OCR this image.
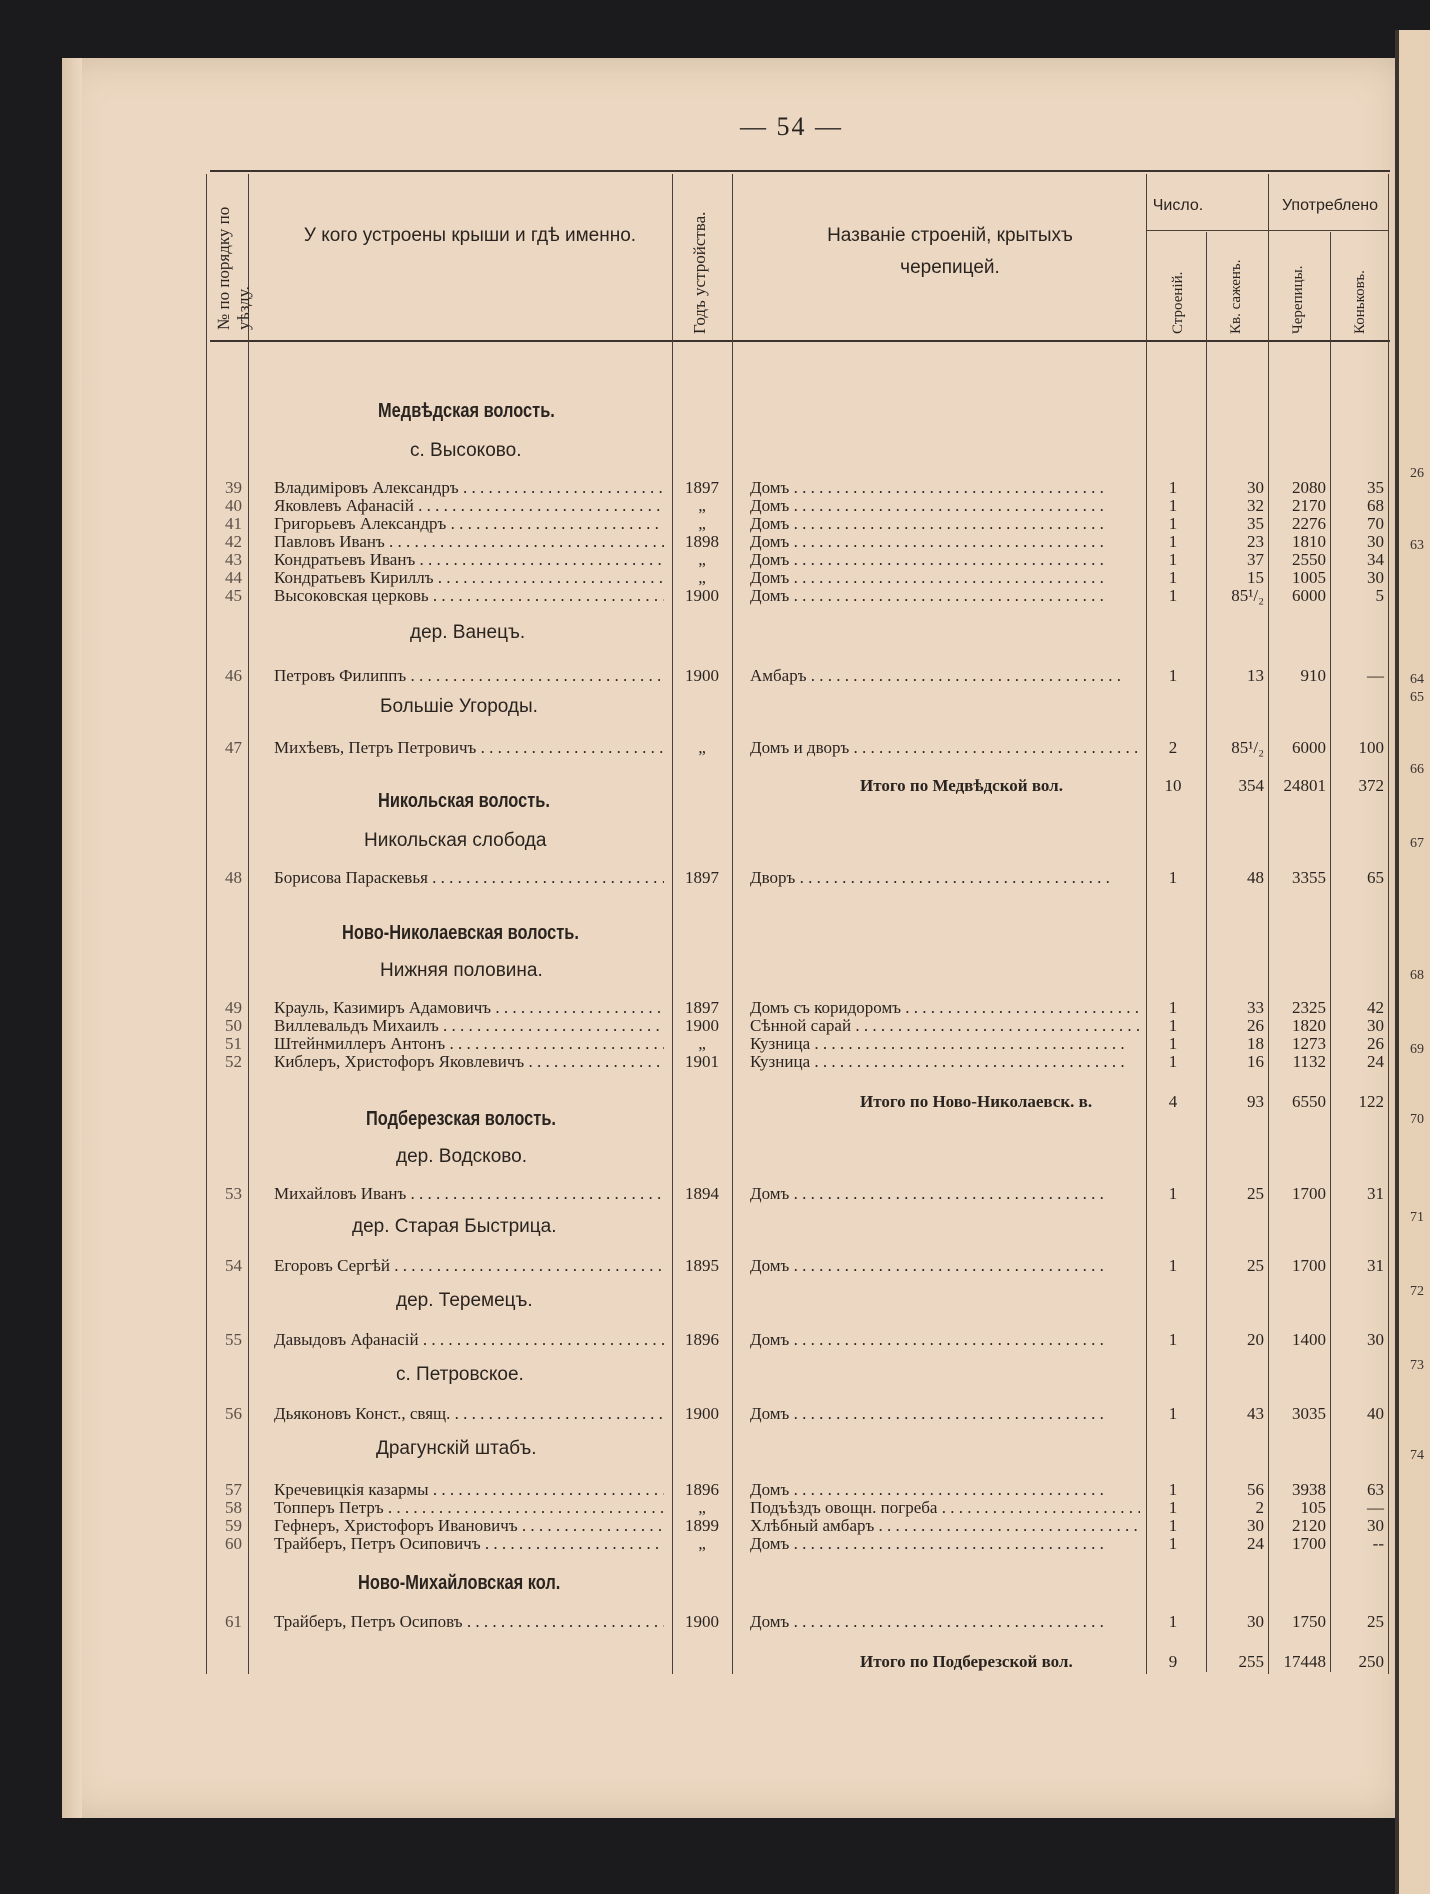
— 54 —
№ по порядку по уѣзду.
У кого устроены крыши и гдѣ именно.	Годъ устройства.	Названіе строеній, крытыхъ черепицей.
Число.	Употреблено
Строеній.	Кв. саженъ.	Черепицы.	Коньковъ.
Медвѣдская волость.
с. Высоково.
дер. Ванецъ.
Большіе Угороды.
Никольская волость.
Никольская слобода
Ново-Николаевская волость.
Нижняя половина.
Подберезская волость.
дер. Водсково.
дер. Старая Быстрица.
дер. Теремецъ.
с. Петровское.
Драгунскій штабъ.
Ново-Михайловская кол.
39 Владиміровъ Александръ . . .	1897	Домъ . . .	1	30	2080	35
40 Яковлевъ Афанасій . . .	„	Домъ . . .	1	32	2170	68
41 Григорьевъ Александръ . . .	„	Домъ . . .	1	35	2276	70
42 Павловъ Иванъ . . .	1898	Домъ . . .	1	23	1810	30
43 Кондратьевъ Иванъ . . .	„	Домъ . . .	1	37	2550	34
44 Кондратьевъ Кириллъ . . .	„	Домъ . . .	1	15	1005	30
45 Высоковская церковь . . .	1900	Домъ . . .	1	85¹/₂	6000	5
46 Петровъ Филиппъ . . .	1900	Амбаръ . . .	1	13	910	—
47 Михѣевъ, Петръ Петровичъ . . .	„	Домъ и дворъ . . .	2	85¹/₂	6000	100
48 Борисова Параскевья . . .	1897	Дворъ . . .	1	48	3355	65
49 Крауль, Казимиръ Адамовичъ . . .	1897	Домъ съ коридоромъ . . .	1	33	2325	42
50 Виллевальдъ Михаилъ . . .	1900	Сѣнной сарай . . .	1	26	1820	30
51 Штейнмиллеръ Антонъ . . .	„	Кузница . . .	1	18	1273	26
52 Киблеръ, Христофоръ Яковлевичъ . . .	1901	Кузница . . .	1	16	1132	24
53 Михайловъ Иванъ . . .	1894	Домъ . . .	1	25	1700	31
54 Егоровъ Сергѣй . . .	1895	Домъ . . .	1	25	1700	31
55 Давыдовъ Афанасій . . .	1896	Домъ . . .	1	20	1400	30
56 Дьяконовъ Конст., свящ. . . .	1900	Домъ . . .	1	43	3035	40
57 Кречевицкія казармы . . .	1896	Домъ . . .	1	56	3938	63
58 Топперъ Петръ . . .	„	Подъѣздъ овощн. погреба . . .	1	2	105	—
59 Гефнеръ, Христофоръ Ивановичъ . . .	1899	Хлѣбный амбаръ . . .	1	30	2120	30
60 Трайберъ, Петръ Осиповичъ . . .	„	Домъ . . .	1	24	1700	--
61 Трайберъ, Петръ Осиповъ . . .	1900	Домъ . . .	1	30	1750	25
Итого по Медвѣдской вол.	10	354	24801	372
Итого по Ново-Николаевск. в.	4	93	6550	122
Итого по Подберезской вол.	9	255	17448	250
26
63
64
65
66
67
68
69
70
71
72
73
74
